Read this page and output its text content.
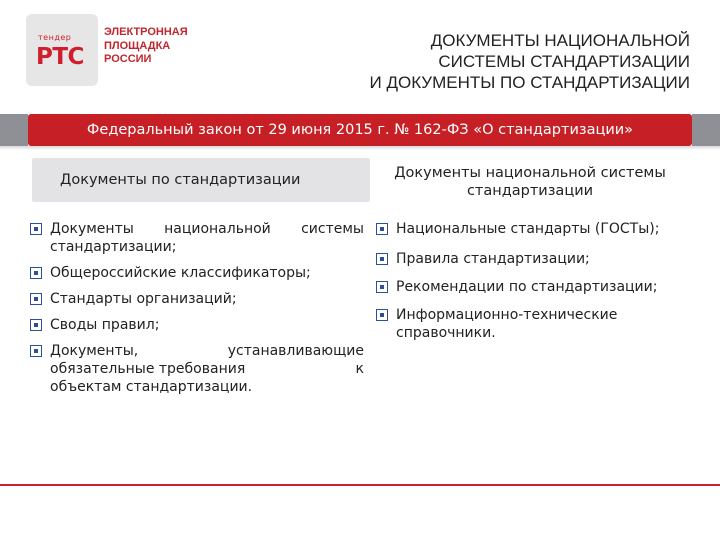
тендер
РТС
ЭЛЕКТРОННАЯ
ПЛОЩАДКА
РОССИИ
ДОКУМЕНТЫ НАЦИОНАЛЬНОЙ
СИСТЕМЫ СТАНДАРТИЗАЦИИ
И ДОКУМЕНТЫ ПО СТАНДАРТИЗАЦИИ
Федеральный закон от 29 июня 2015 г. № 162-ФЗ «О стандартизации»
Документы по стандартизации	Документы национальной системы
стандартизации
Документы национальной системы
стандартизации;
Общероссийские классификаторы;
Стандарты организаций;
Своды правил;
Документы,	устанавливающие
обязательные требования	к
объектам стандартизации.
Национальные стандарты (ГОСТы);
Правила стандартизации;
Рекомендации по стандартизации;
Информационно-технические
справочники.
